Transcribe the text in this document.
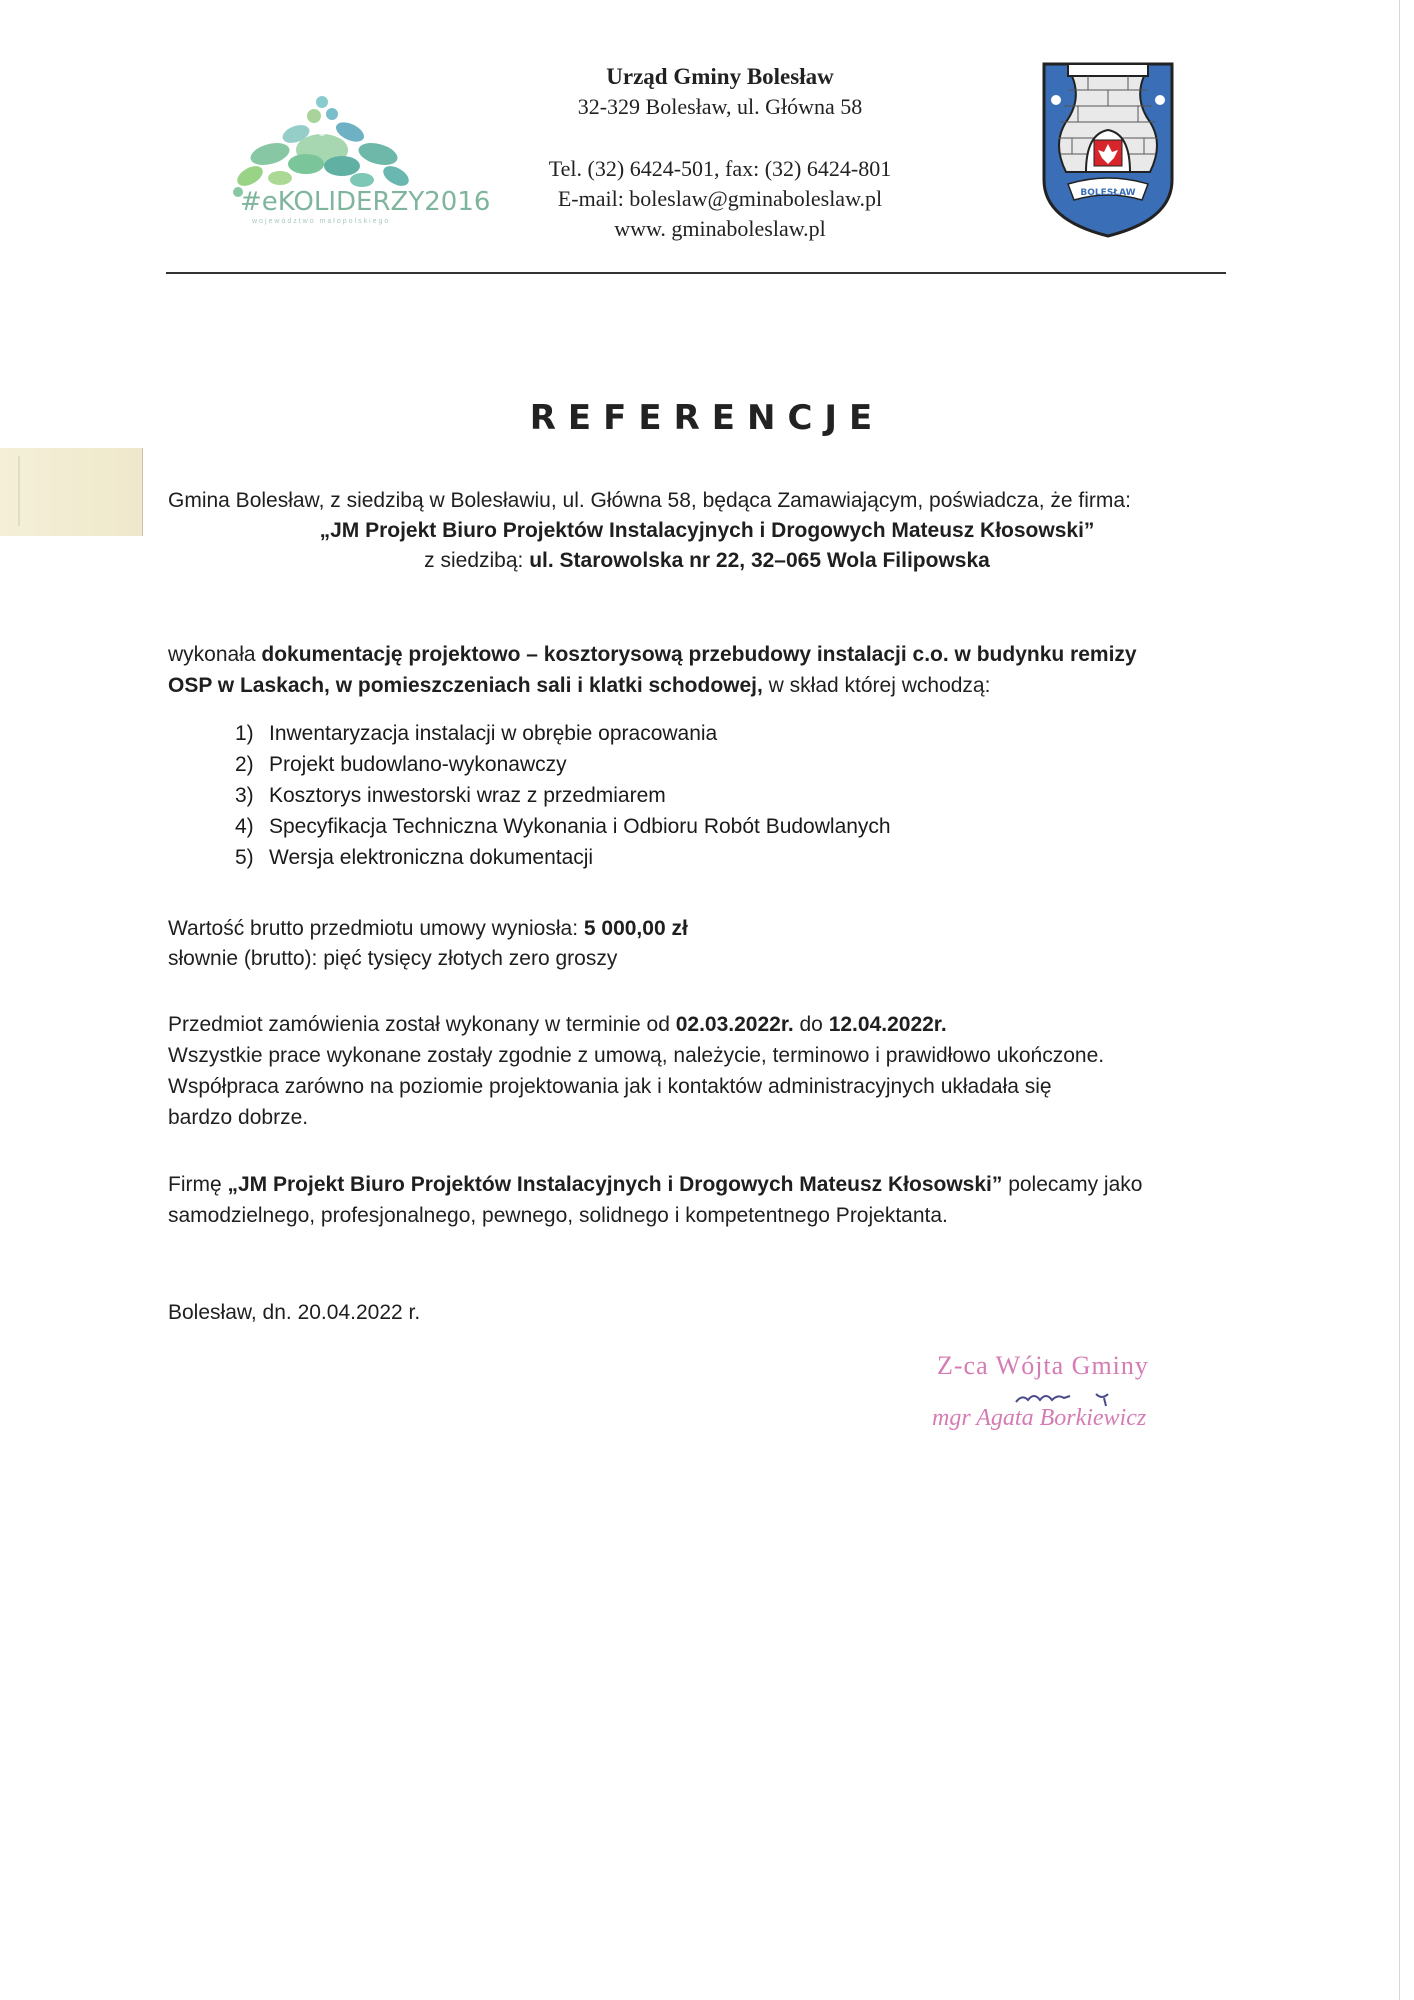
#eKOLIDERZY2016
województwo małopolskiego
Urząd Gminy Bolesław
32-329 Bolesław, ul. Główna 58
Tel. (32) 6424-501, fax: (32) 6424-801
E-mail: boleslaw@gminaboleslaw.pl
www. gminaboleslaw.pl
BOLESŁAW
REFERENCJE
Gmina Bolesław, z siedzibą w Bolesławiu, ul. Główna 58, będąca Zamawiającym, poświadcza, że firma:
„JM Projekt Biuro Projektów Instalacyjnych i Drogowych Mateusz Kłosowski”
z siedzibą: ul. Starowolska nr 22, 32–065 Wola Filipowska
wykonała dokumentację projektowo – kosztorysową przebudowy instalacji c.o. w budynku remizy
OSP w Laskach, w pomieszczeniach sali i klatki schodowej, w skład której wchodzą:
1) Inwentaryzacja instalacji w obrębie opracowania
2) Projekt budowlano-wykonawczy
3) Kosztorys inwestorski wraz z przedmiarem
4) Specyfikacja Techniczna Wykonania i Odbioru Robót Budowlanych
5) Wersja elektroniczna dokumentacji
Wartość brutto przedmiotu umowy wyniosła: 5 000,00 zł
słownie (brutto): pięć tysięcy złotych zero groszy
Przedmiot zamówienia został wykonany w terminie od 02.03.2022r. do 12.04.2022r.
Wszystkie prace wykonane zostały zgodnie z umową, należycie, terminowo i prawidłowo ukończone.
Współpraca zarówno na poziomie projektowania jak i kontaktów administracyjnych układała się
bardzo dobrze.
Firmę „JM Projekt Biuro Projektów Instalacyjnych i Drogowych Mateusz Kłosowski” polecamy jako
samodzielnego, profesjonalnego, pewnego, solidnego i kompetentnego Projektanta.
Bolesław, dn. 20.04.2022 r.
Z-ca Wójta Gminy
mgr Agata Borkiewicz
